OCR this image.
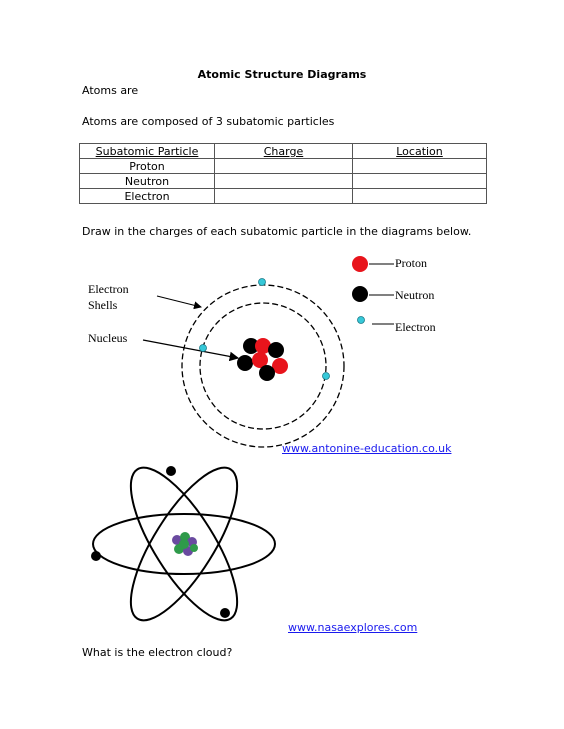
Atomic Structure Diagrams
Atoms are
Atoms are composed of 3 subatomic particles
Subatomic Particle	Charge	Location
Proton		
Neutron		
Electron		
Draw in the charges of each subatomic particle in the diagrams below.
Electron
Shells
Nucleus
Proton
Neutron
Electron
www.antonine-education.co.uk
www.nasaexplores.com
What is the electron cloud?
